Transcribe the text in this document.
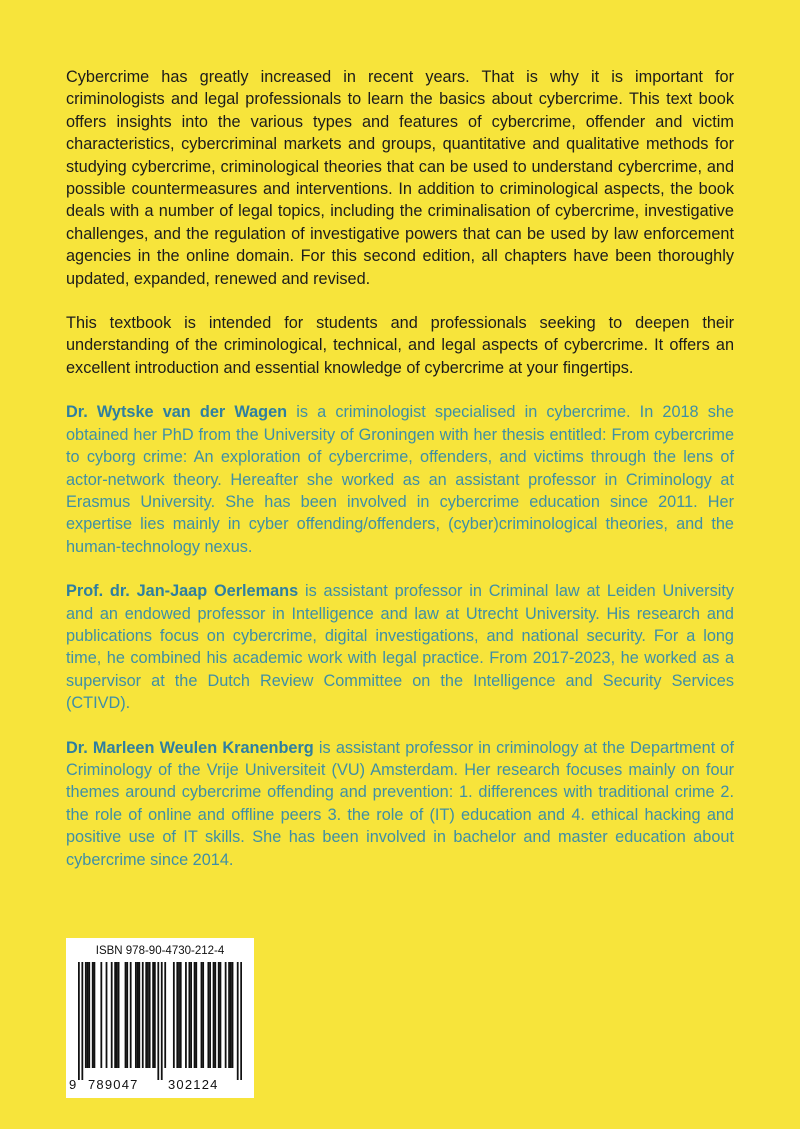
Cybercrime has greatly increased in recent years. That is why it is important for criminologists and legal professionals to learn the basics about cybercrime. This text book offers insights into the various types and features of cybercrime, offender and victim characteristics, cybercriminal markets and groups, quantitative and qualitative methods for studying cybercrime, criminological theories that can be used to understand cybercrime, and possible countermeasures and interventions. In addition to criminological aspects, the book deals with a number of legal topics, including the criminalisation of cybercrime, investigative challenges, and the regulation of investigative powers that can be used by law enforcement agencies in the online domain. For this second edition, all chapters have been thoroughly updated, expanded, renewed and revised.

This textbook is intended for students and professionals seeking to deepen their understanding of the criminological, technical, and legal aspects of cybercrime. It offers an excellent introduction and essential knowledge of cybercrime at your fingertips.

Dr. Wytske van der Wagen is a criminologist specialised in cybercrime. In 2018 she obtained her PhD from the University of Groningen with her thesis entitled: From cybercrime to cyborg crime: An exploration of cybercrime, offenders, and victims through the lens of actor-network theory. Hereafter she worked as an assistant professor in Criminology at Erasmus University. She has been involved in cybercrime education since 2011. Her expertise lies mainly in cyber offending/offenders, (cyber)criminological theories, and the human-technology nexus.

Prof. dr. Jan-Jaap Oerlemans is assistant professor in Criminal law at Leiden University and an endowed professor in Intelligence and law at Utrecht University. His research and publications focus on cybercrime, digital investigations, and national security. For a long time, he combined his academic work with legal practice. From 2017-2023, he worked as a supervisor at the Dutch Review Committee on the Intelligence and Security Services (CTIVD).

Dr. Marleen Weulen Kranenberg is assistant professor in criminology at the Department of Criminology of the Vrije Universiteit (VU) Amsterdam. Her research focuses mainly on four themes around cybercrime offending and prevention: 1. differences with traditional crime 2. the role of online and offline peers 3. the role of (IT) education and 4. ethical hacking and positive use of IT skills. She has been involved in bachelor and master education about cybercrime since 2014.

ISBN 978-90-4730-212-4
9 789047 302124
